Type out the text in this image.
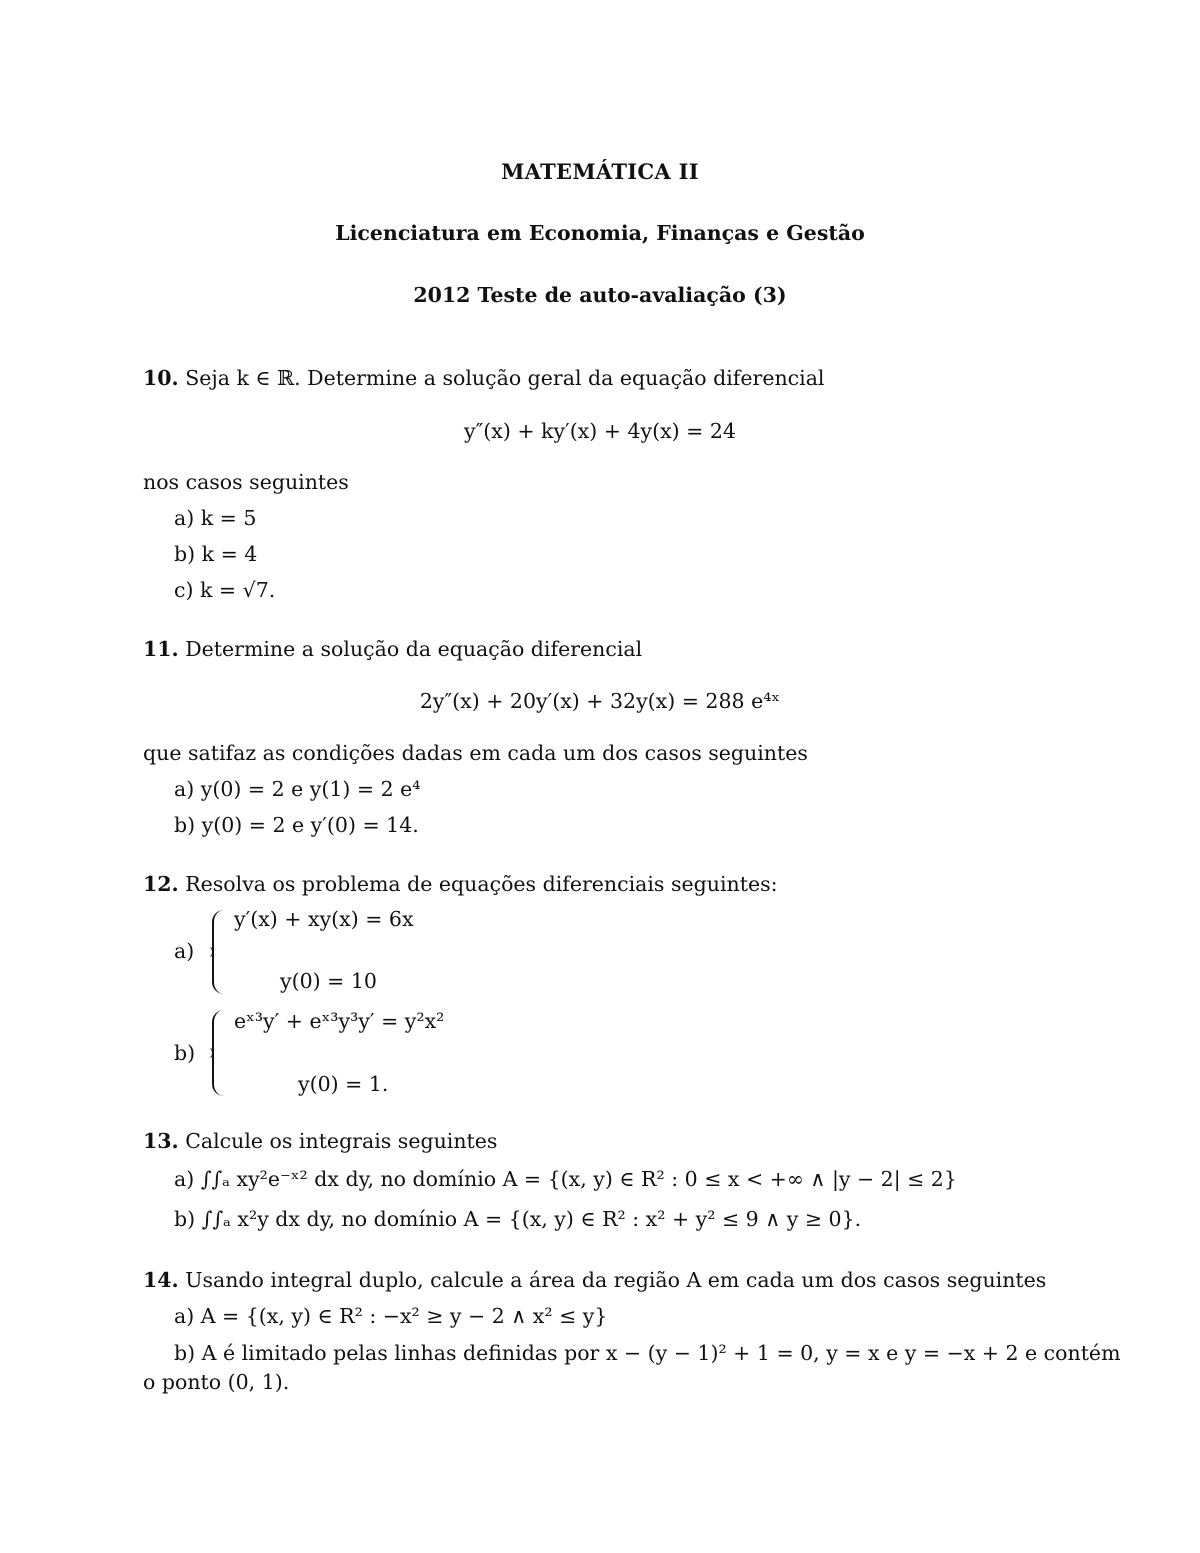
MATEMÁTICA II

Licenciatura em Economia, Finanças e Gestão

2012 Teste de auto-avaliação (3)

10. Seja k ∈ ℝ. Determine a solução geral da equação diferencial

y″(x) + ky′(x) + 4y(x) = 24

nos casos seguintes

a) k = 5

b) k = 4

c) k = √7.

11. Determine a solução da equação diferencial

2y″(x) + 20y′(x) + 32y(x) = 288 e⁴ˣ

que satifaz as condições dadas em cada um dos casos seguintes

a) y(0) = 2 e y(1) = 2 e⁴

b) y(0) = 2 e y′(0) = 14.

12. Resolva os problema de equações diferenciais seguintes:

a)

y′(x) + xy(x) = 6x

y(0) = 10

b)

eˣ³y′ + eˣ³y³y′ = y²x²

y(0) = 1.

13. Calcule os integrais seguintes

a) ∫∫ₐ xy²e⁻ˣ² dx dy, no domínio A = {(x, y) ∈ R² : 0 ≤ x < +∞ ∧ |y − 2| ≤ 2}

b) ∫∫ₐ x²y dx dy, no domínio A = {(x, y) ∈ R² : x² + y² ≤ 9 ∧ y ≥ 0}.

14. Usando integral duplo, calcule a área da região A em cada um dos casos seguintes

a) A = {(x, y) ∈ R² : −x² ≥ y − 2 ∧ x² ≤ y}

b) A é limitado pelas linhas definidas por x − (y − 1)² + 1 = 0, y = x e y = −x + 2 e contém

o ponto (0, 1).
